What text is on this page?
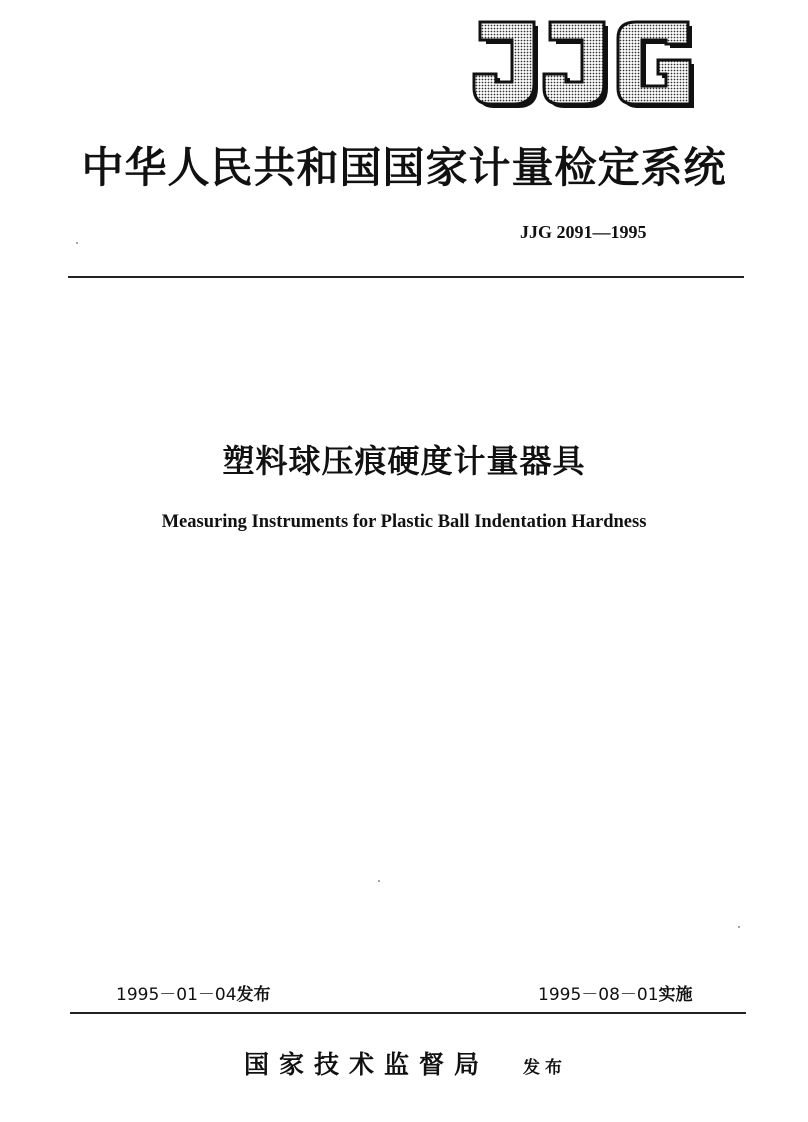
中华人民共和国国家计量检定系统
JJG 2091—1995
塑料球压痕硬度计量器具
Measuring Instruments for Plastic Ball Indentation Hardness
1995－01－04发布	1995－08－01实施
国家技术监督局 发布
